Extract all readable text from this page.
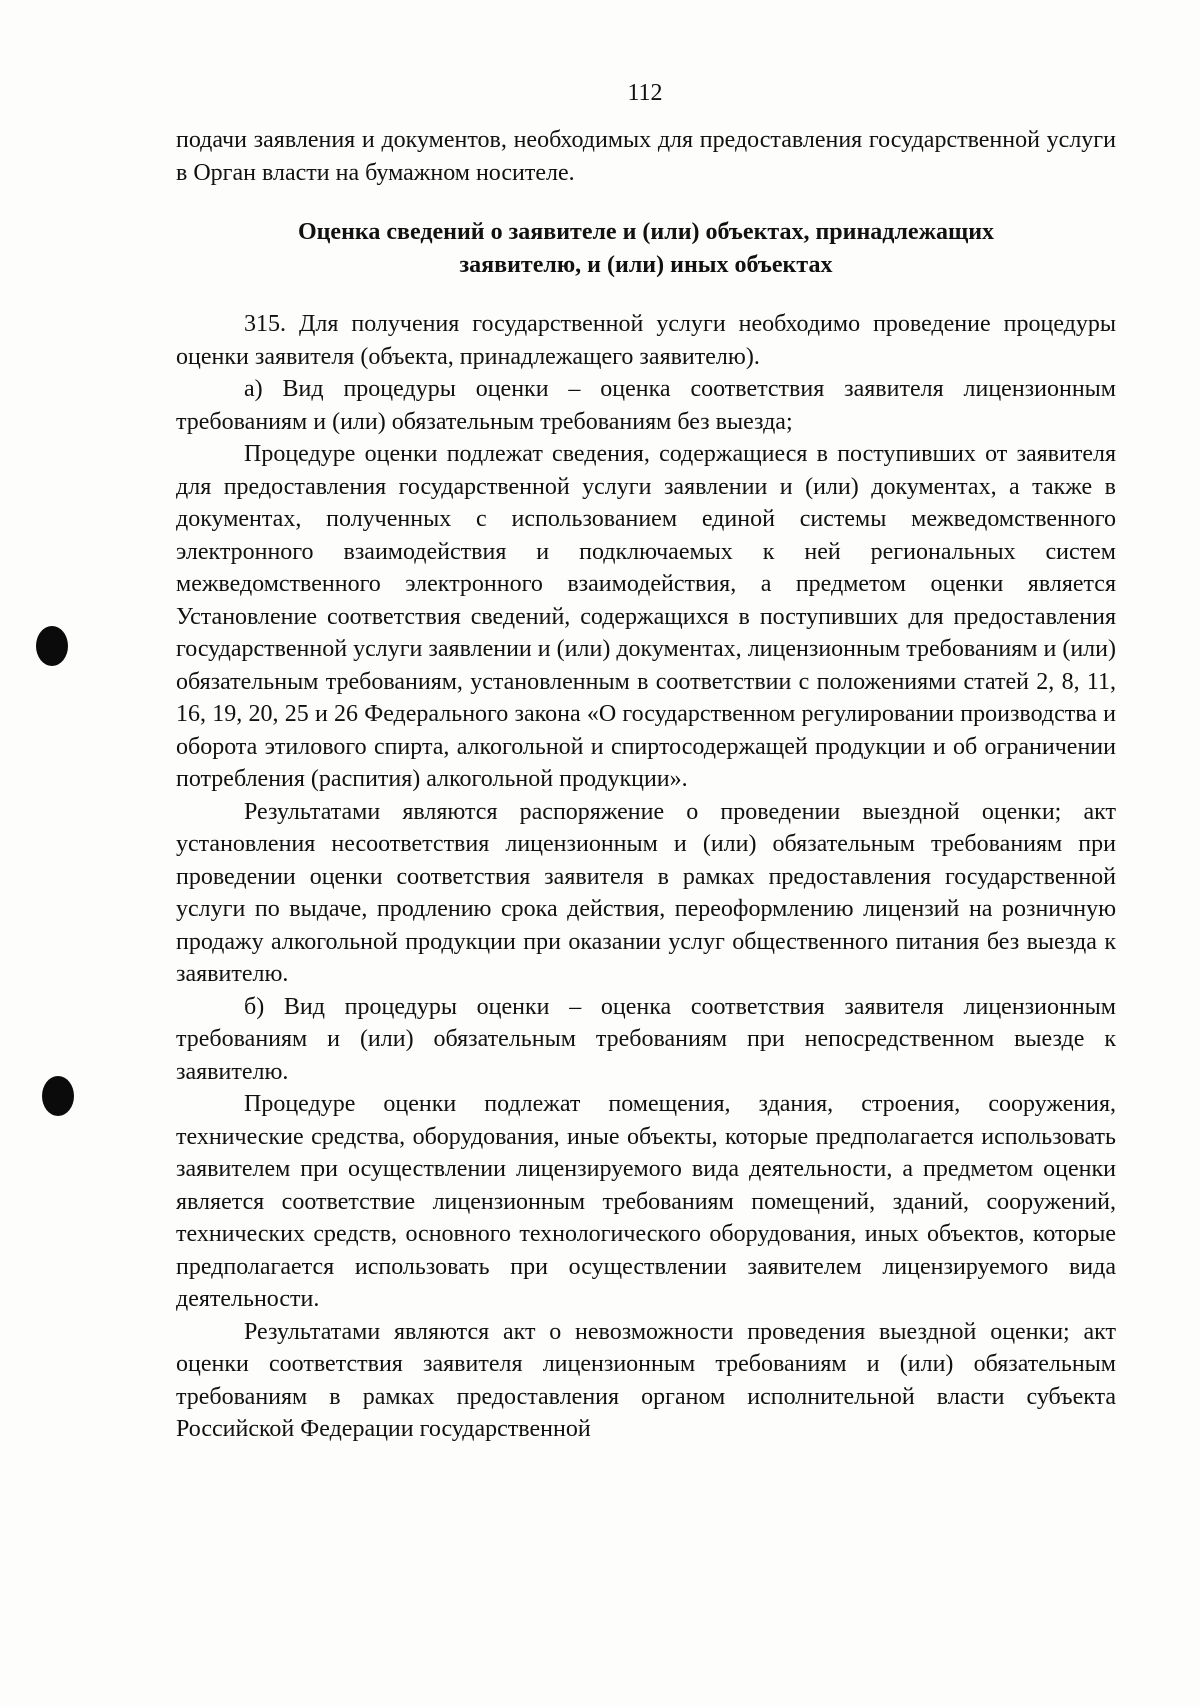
112

подачи заявления и документов, необходимых для предоставления государственной услуги в Орган власти на бумажном носителе.

Оценка сведений о заявителе и (или) объектах, принадлежащих
заявителю, и (или) иных объектах

315. Для получения государственной услуги необходимо проведение процедуры оценки заявителя (объекта, принадлежащего заявителю).

а) Вид процедуры оценки – оценка соответствия заявителя лицензионным требованиям и (или) обязательным требованиям без выезда;

Процедуре оценки подлежат сведения, содержащиеся в поступивших от заявителя для предоставления государственной услуги заявлении и (или) документах, а также в документах, полученных с использованием единой системы межведомственного электронного взаимодействия и подключаемых к ней региональных систем межведомственного электронного взаимодействия, а предметом оценки является Установление соответствия сведений, содержащихся в поступивших для предоставления государственной услуги заявлении и (или) документах, лицензионным требованиям и (или) обязательным требованиям, установленным в соответствии с положениями статей 2, 8, 11, 16, 19, 20, 25 и 26 Федерального закона «О государственном регулировании производства и оборота этилового спирта, алкогольной и спиртосодержащей продукции и об ограничении потребления (распития) алкогольной продукции».

Результатами являются распоряжение о проведении выездной оценки; акт установления несоответствия лицензионным и (или) обязательным требованиям при проведении оценки соответствия заявителя в рамках предоставления государственной услуги по выдаче, продлению срока действия, переоформлению лицензий на розничную продажу алкогольной продукции при оказании услуг общественного питания без выезда к заявителю.

б) Вид процедуры оценки – оценка соответствия заявителя лицензионным требованиям и (или) обязательным требованиям при непосредственном выезде к заявителю.

Процедуре оценки подлежат помещения, здания, строения, сооружения, технические средства, оборудования, иные объекты, которые предполагается использовать заявителем при осуществлении лицензируемого вида деятельности, а предметом оценки является соответствие лицензионным требованиям помещений, зданий, сооружений, технических средств, основного технологического оборудования, иных объектов, которые предполагается использовать при осуществлении заявителем лицензируемого вида деятельности.

Результатами являются акт о невозможности проведения выездной оценки; акт оценки соответствия заявителя лицензионным требованиям и (или) обязательным требованиям в рамках предоставления органом исполнительной власти субъекта Российской Федерации государственной
